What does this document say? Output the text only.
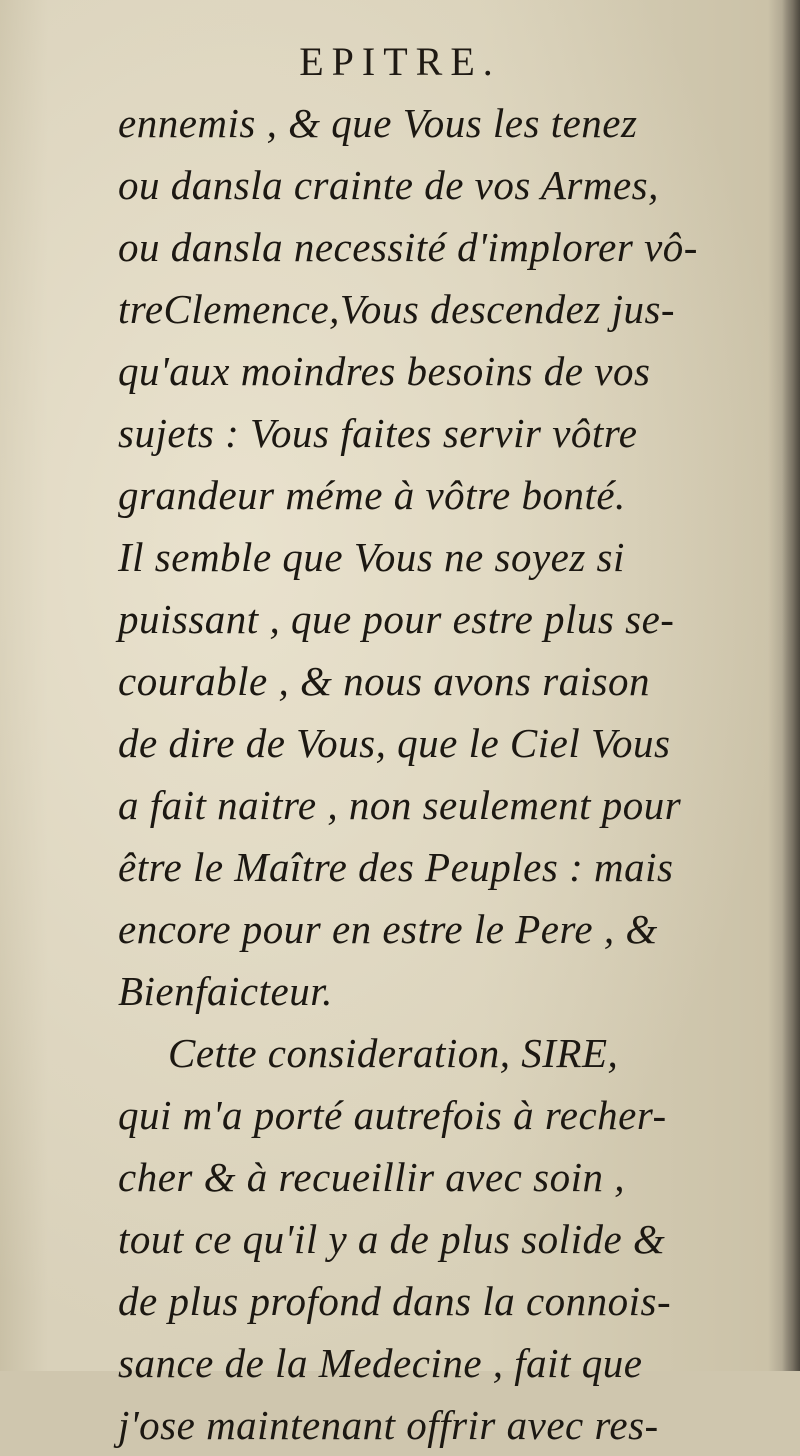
EPITRE.
ennemis , & que Vous les tenez
ou dansla crainte de vos Armes,
ou dansla necessité d'implorer vô-
treClemence,Vous descendez jus-
qu'aux moindres besoins de vos
sujets : Vous faites servir vôtre
grandeur méme à vôtre bonté.
Il semble que Vous ne soyez si
puissant , que pour estre plus se-
courable , & nous avons raison
de dire de Vous, que le Ciel Vous
a fait naitre , non seulement pour
être le Maître des Peuples : mais
encore pour en estre le Pere , &
Bienfaicteur.
Cette consideration, SIRE,
qui m'a porté autrefois à recher-
cher & à recueillir avec soin ,
tout ce qu'il y a de plus solide &
de plus profond dans la connois-
sance de la Medecine , fait que
j'ose maintenant offrir avec res-
